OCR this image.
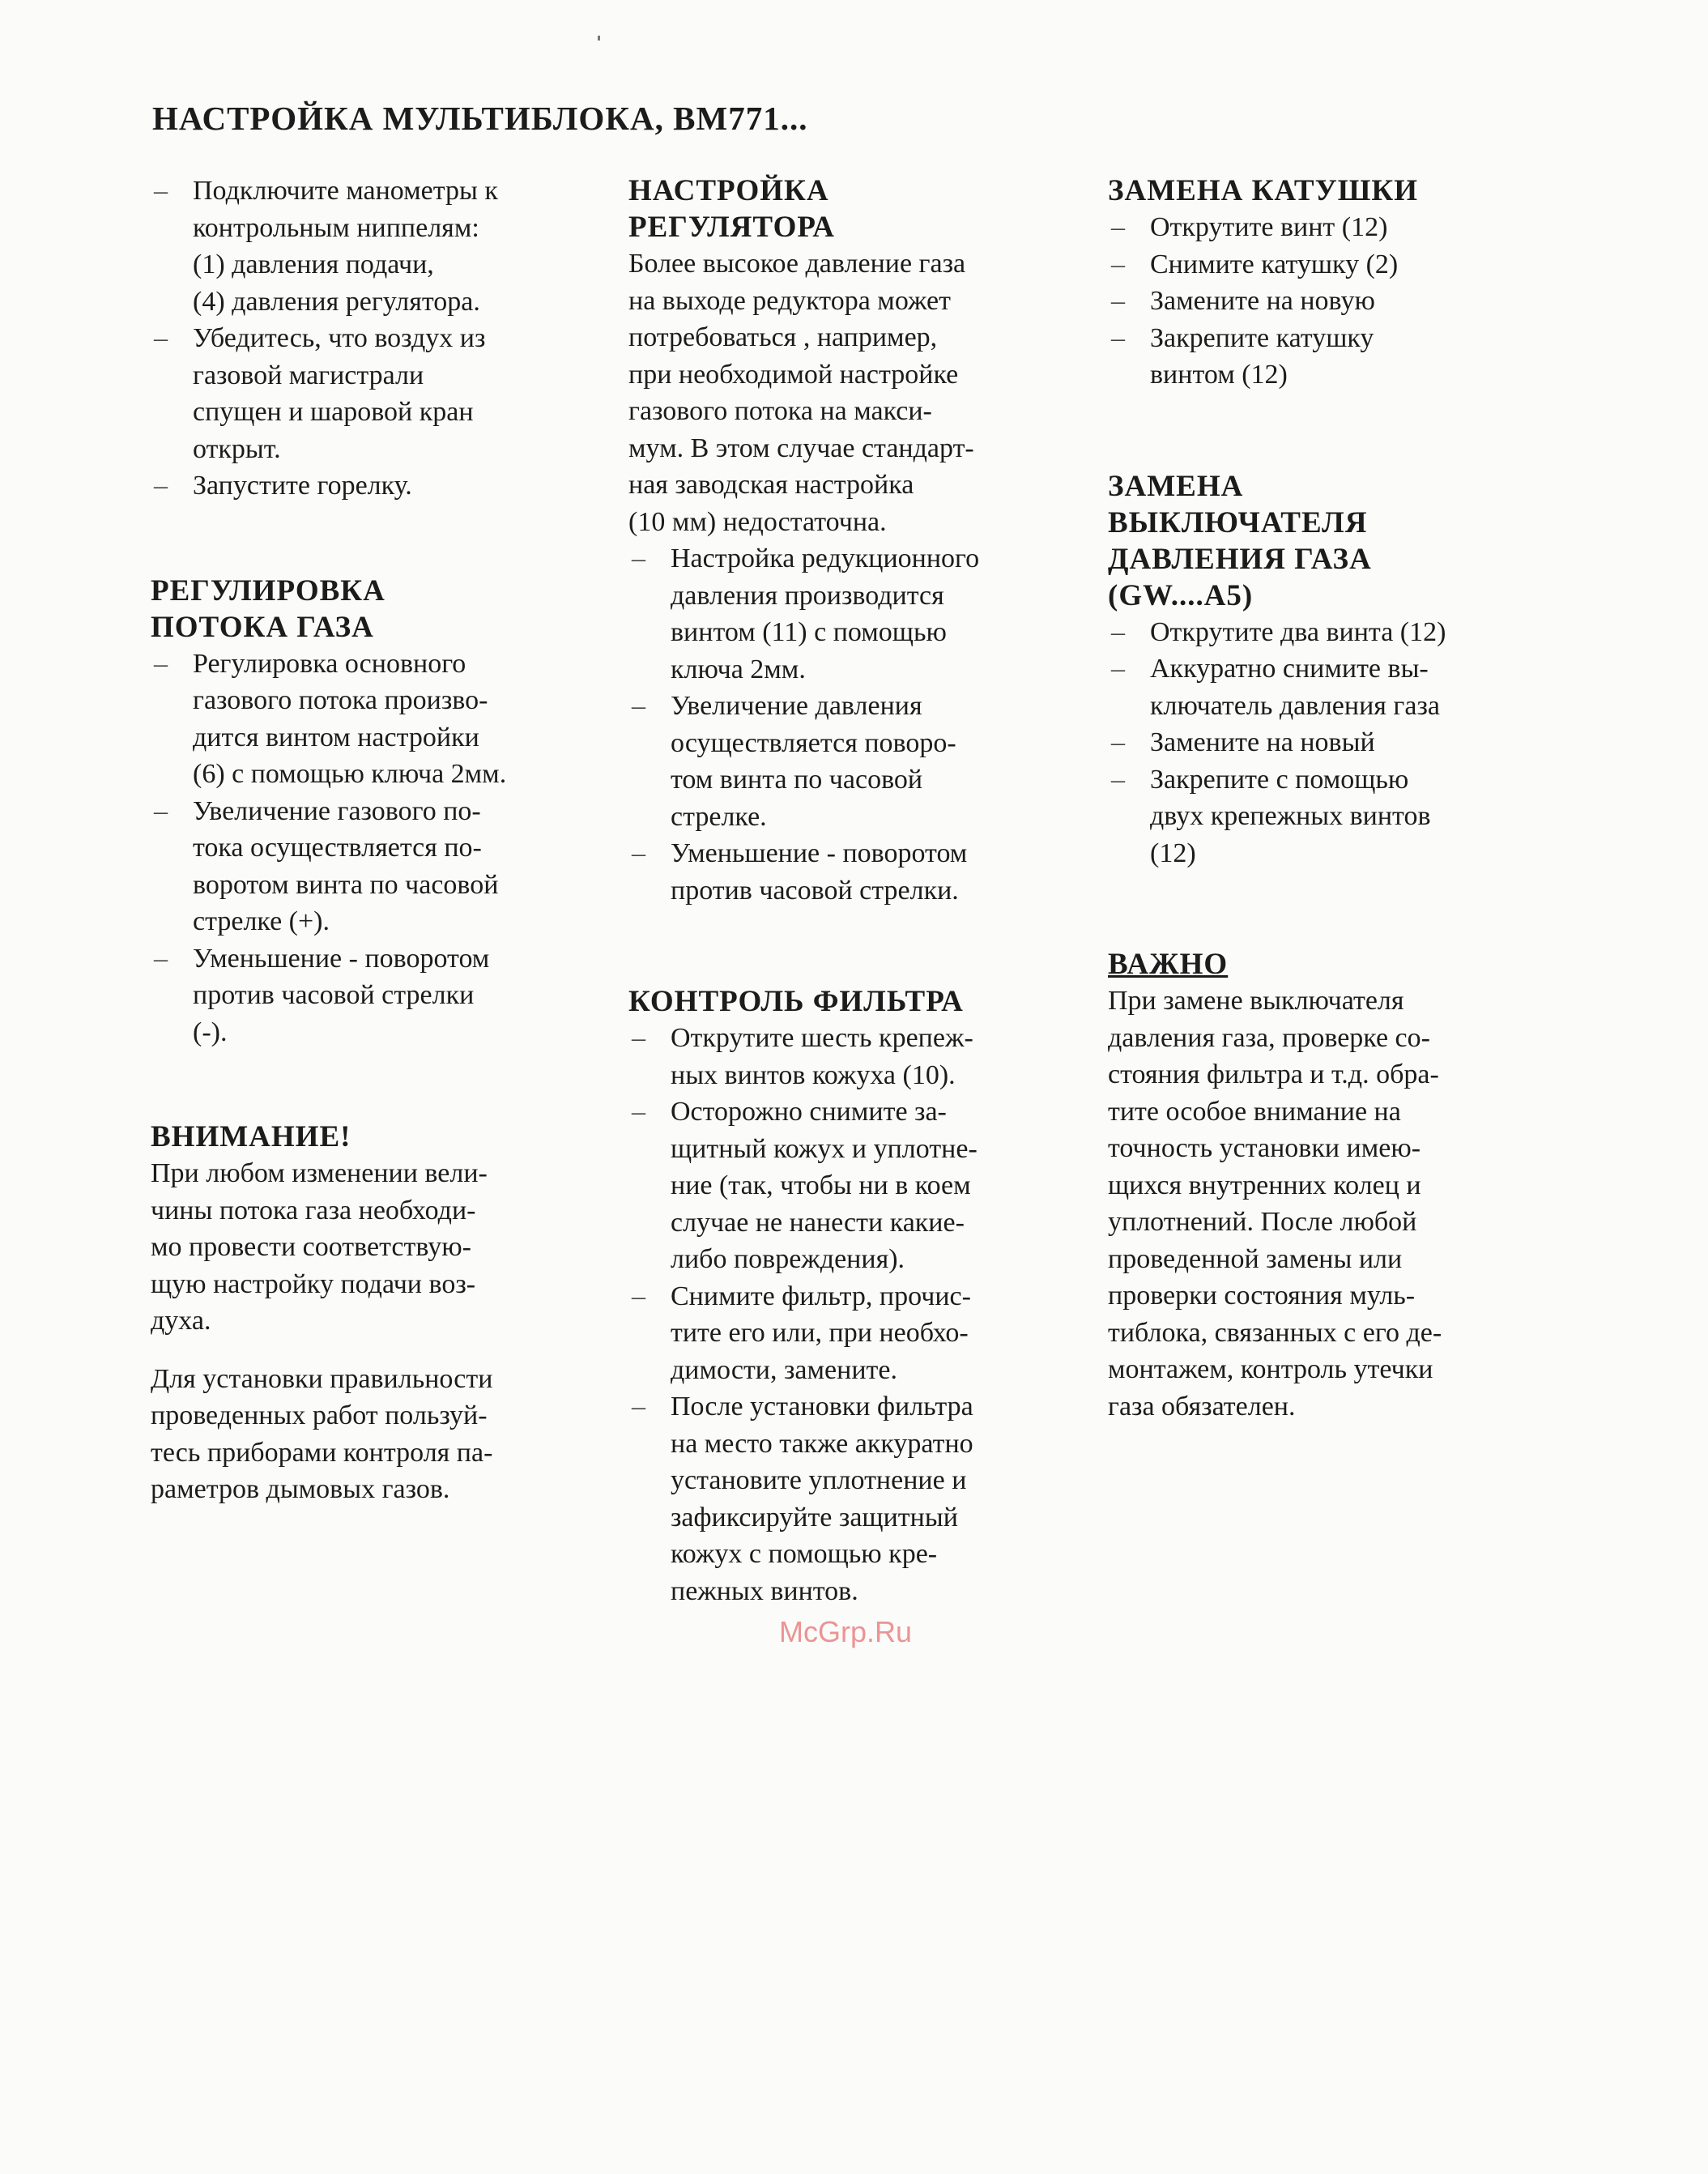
НАСТРОЙКА МУЛЬТИБЛОКА, BM771...
– Подключите манометры к
контрольным ниппелям:
(1) давления подачи,
(4) давления регулятора.
– Убедитесь, что воздух из
газовой магистрали
спущен и шаровой кран
открыт.
– Запустите горелку.
РЕГУЛИРОВКА
ПОТОКА ГАЗА
– Регулировка основного
газового потока произво-
дится винтом настройки
(6) с помощью ключа 2мм.
– Увеличение газового по-
тока осуществляется по-
воротом винта по часовой
стрелке (+).
– Уменьшение - поворотом
против часовой стрелки
(-).
ВНИМАНИЕ!

При любом изменении вели-
чины потока газа необходи-
мо провести соответствую-
щую настройку подачи воз-
духа.

Для установки правильности
проведенных работ пользуй-
тесь приборами контроля па-
раметров дымовых газов.

НАСТРОЙКА
РЕГУЛЯТОРА

Более высокое давление газа
на выходе редуктора может
потребоваться , например,
при необходимой настройке
газового потока на макси-
мум. В этом случае стандарт-
ная заводская настройка
(10 мм) недостаточна.

– Настройка редукционного
давления производится
винтом (11) с помощью
ключа 2мм.
– Увеличение давления
осуществляется поворо-
том винта по часовой
стрелке.
– Уменьшение - поворотом
против часовой стрелки.
КОНТРОЛЬ ФИЛЬТРА
– Открутите шесть крепеж-
ных винтов кожуха (10).
– Осторожно снимите за-
щитный кожух и уплотне-
ние (так, чтобы ни в коем
случае не нанести какие-
либо повреждения).
– Снимите фильтр, прочис-
тите его или, при необхо-
димости, замените.
– После установки фильтра
на место также аккуратно
установите уплотнение и
зафиксируйте защитный
кожух с помощью кре-
пежных винтов.
ЗАМЕНА КАТУШКИ
– Открутите винт (12)
– Снимите катушку (2)
– Замените на новую
– Закрепите катушку
винтом (12)
ЗАМЕНА
ВЫКЛЮЧАТЕЛЯ
ДАВЛЕНИЯ ГАЗА
(GW....A5)
– Открутите два винта (12)
– Аккуратно снимите вы-
ключатель давления газа
– Замените на новый
– Закрепите с помощью
двух крепежных винтов
(12)
ВАЖНО

При замене выключателя
давления газа, проверке со-
стояния фильтра и т.д. обра-
тите особое внимание на
точность установки имею-
щихся внутренних колец и
уплотнений. После любой
проведенной замены или
проверки состояния муль-
тиблока, связанных с его де-
монтажем, контроль утечки
газа обязателен.

McGrp.Ru
